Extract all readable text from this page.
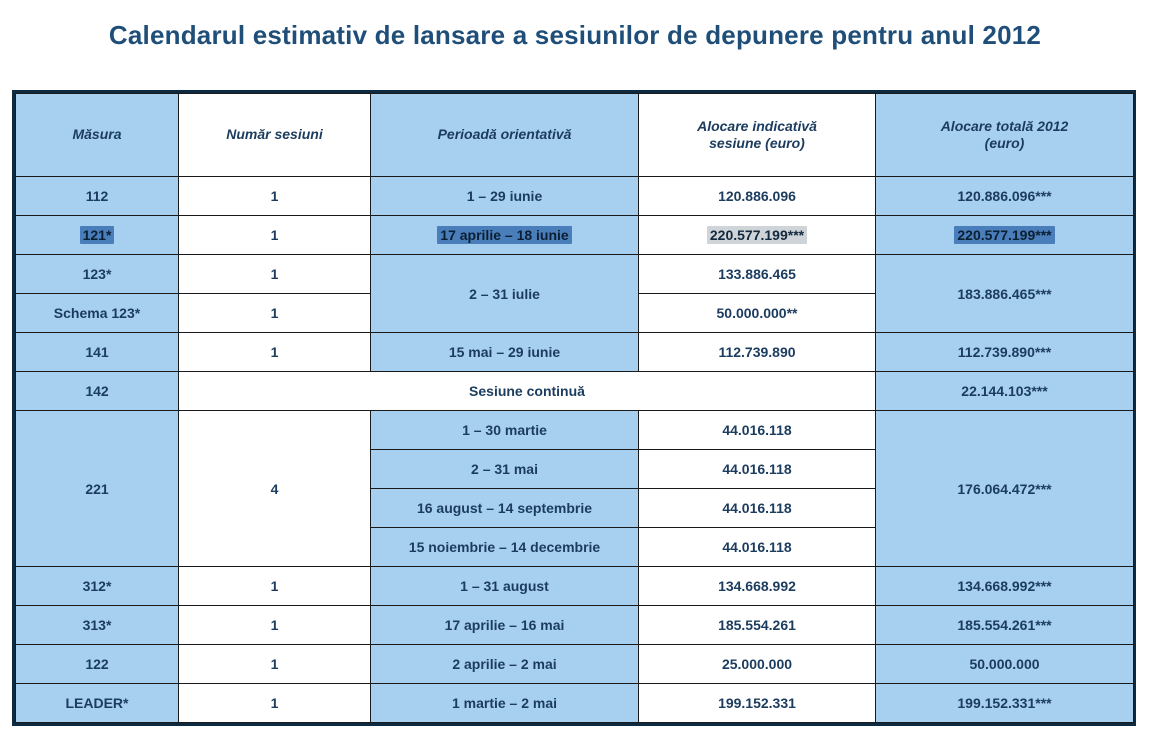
Calendarul estimativ de lansare a sesiunilor de depunere pentru anul 2012
Măsura	Număr sesiuni	Perioadă orientativă	Alocare indicativă
sesiune (euro)	Alocare totală 2012
(euro)
112	1	1 – 29 iunie	120.886.096	120.886.096***
121*	1	17 aprilie – 18 iunie	220.577.199***	220.577.199***
123*	1	2 – 31 iulie	133.886.465	183.886.465***
Schema 123*	1		50.000.000**	
141	1	15 mai – 29 iunie	112.739.890	112.739.890***
142	Sesiune continuă			22.144.103***
221	4	1 – 30 martie	44.016.118	176.064.472***
		2 – 31 mai	44.016.118	
		16 august – 14 septembrie	44.016.118	
		15 noiembrie – 14 decembrie	44.016.118	
312*	1	1 – 31 august	134.668.992	134.668.992***
313*	1	17 aprilie – 16 mai	185.554.261	185.554.261***
122	1	2 aprilie – 2 mai	25.000.000	50.000.000
LEADER*	1	1 martie – 2 mai	199.152.331	199.152.331***
